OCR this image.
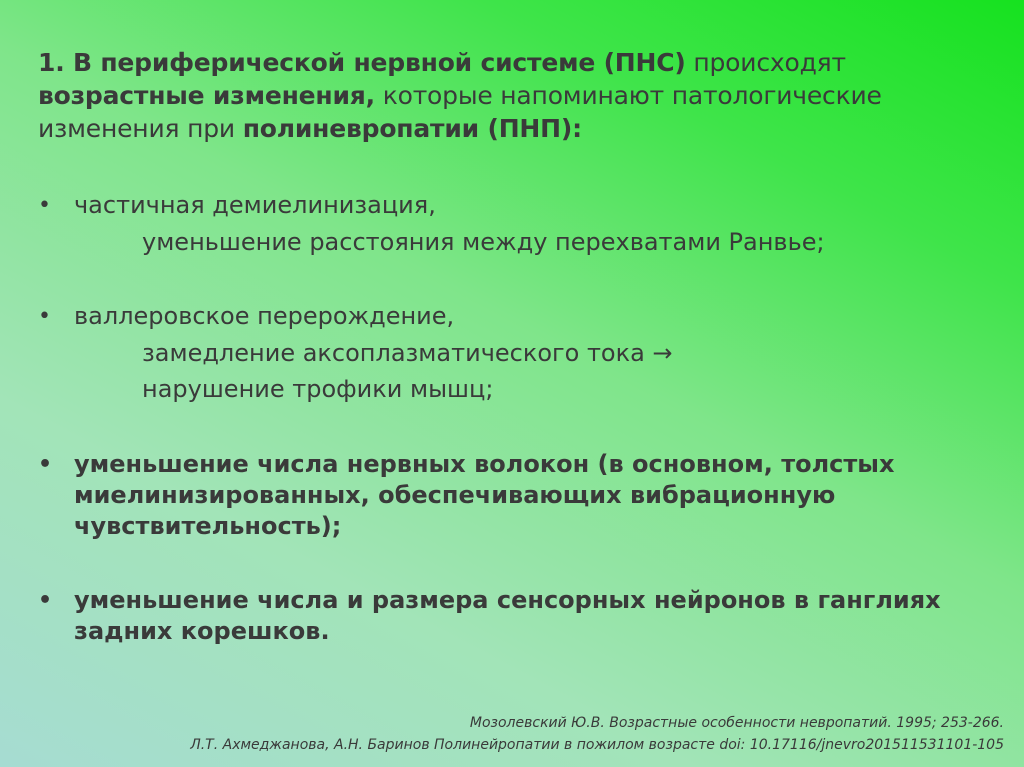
1. В периферической нервной системе (ПНС) происходят возрастные изменения, которые напоминают патологические изменения при полиневропатии (ПНП):
• частичная демиелинизация,
уменьшение расстояния между перехватами Ранвье;
• валлеровское перерождение,
замедление аксоплазматического тока →
нарушение трофики мышц;
• уменьшение числа нервных волокон (в основном, толстых
миелинизированных, обеспечивающих вибрационную
чувствительность);
• уменьшение числа и размера сенсорных нейронов в ганглиях
задних корешков.
Мозолевский Ю.В. Возрастные особенности невропатий. 1995; 253-266.
Л.Т. Ахмеджанова, А.Н. Баринов Полинейропатии в пожилом возрасте doi: 10.17116/jnevro201511531101-105
